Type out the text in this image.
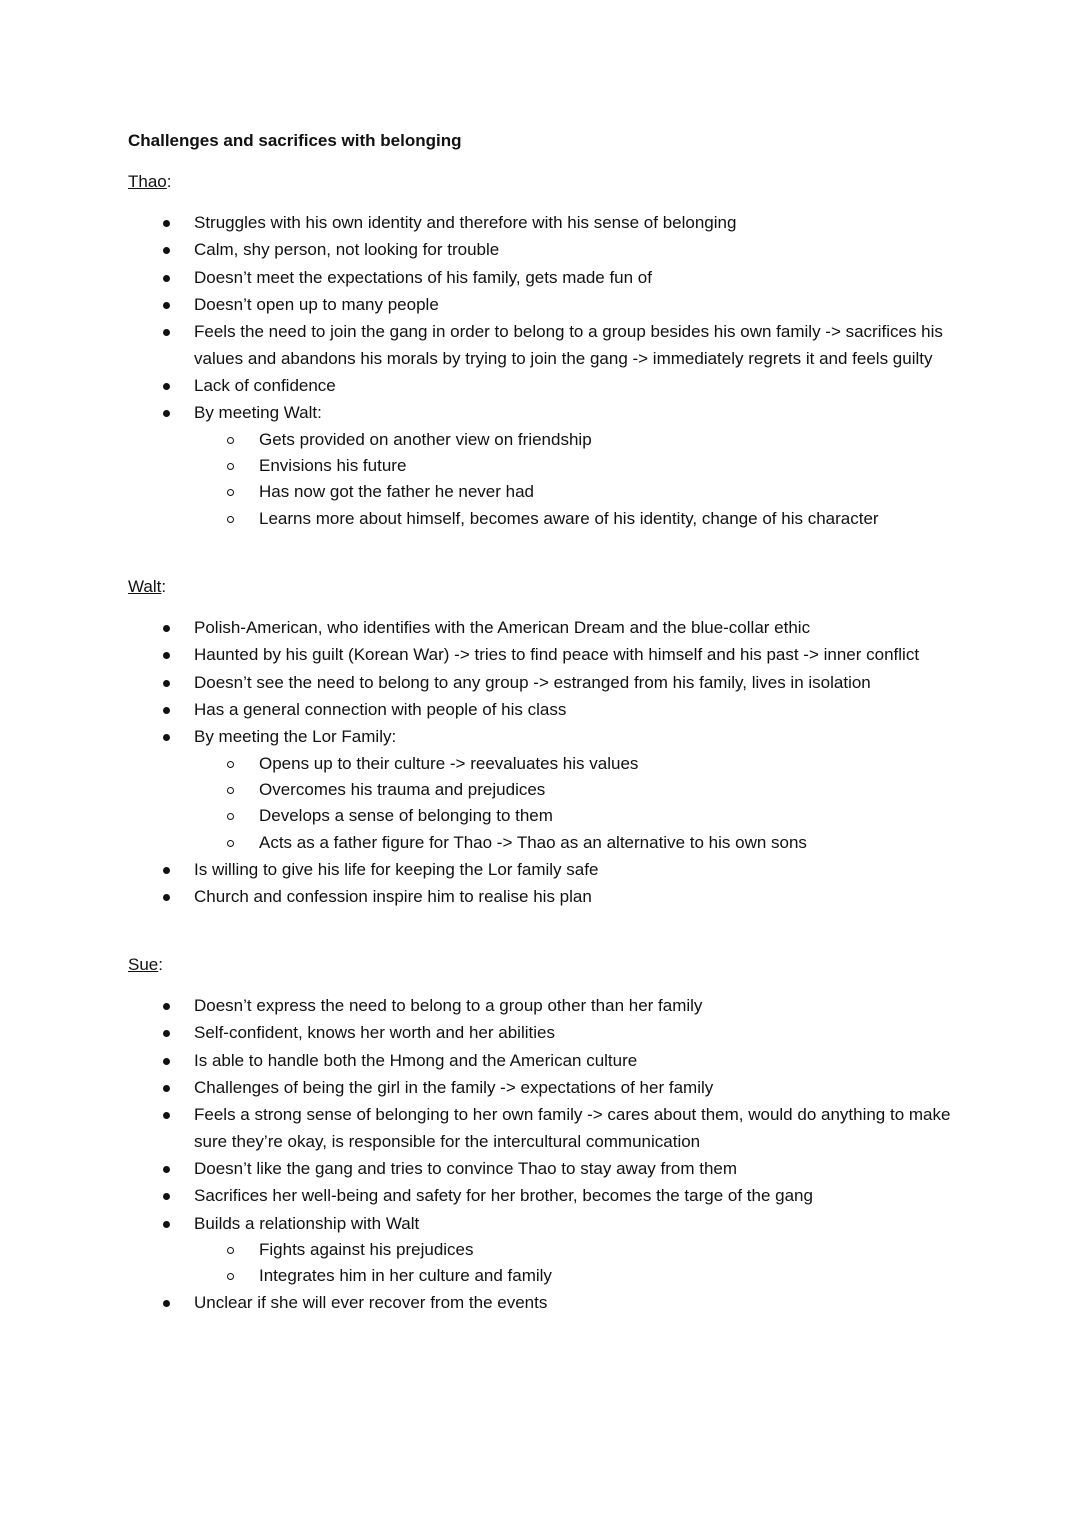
Challenges and sacrifices with belonging

Thao:

Struggles with his own identity and therefore with his sense of belonging
Calm, shy person, not looking for trouble
Doesn’t meet the expectations of his family, gets made fun of
Doesn’t open up to many people
Feels the need to join the gang in order to belong to a group besides his own family -> sacrifices his values and abandons his morals by trying to join the gang -> immediately regrets it and feels guilty
Lack of confidence
By meeting Walt:
Gets provided on another view on friendship
Envisions his future
Has now got the father he never had
Learns more about himself, becomes aware of his identity, change of his character

Walt:

Polish-American, who identifies with the American Dream and the blue-collar ethic
Haunted by his guilt (Korean War) -> tries to find peace with himself and his past -> inner conflict
Doesn’t see the need to belong to any group -> estranged from his family, lives in isolation
Has a general connection with people of his class
By meeting the Lor Family:
Opens up to their culture -> reevaluates his values
Overcomes his trauma and prejudices
Develops a sense of belonging to them
Acts as a father figure for Thao -> Thao as an alternative to his own sons
Is willing to give his life for keeping the Lor family safe
Church and confession inspire him to realise his plan

Sue:

Doesn’t express the need to belong to a group other than her family
Self-confident, knows her worth and her abilities
Is able to handle both the Hmong and the American culture
Challenges of being the girl in the family -> expectations of her family
Feels a strong sense of belonging to her own family -> cares about them, would do anything to make sure they’re okay, is responsible for the intercultural communication
Doesn’t like the gang and tries to convince Thao to stay away from them
Sacrifices her well-being and safety for her brother, becomes the targe of the gang
Builds a relationship with Walt
Fights against his prejudices
Integrates him in her culture and family
Unclear if she will ever recover from the events
